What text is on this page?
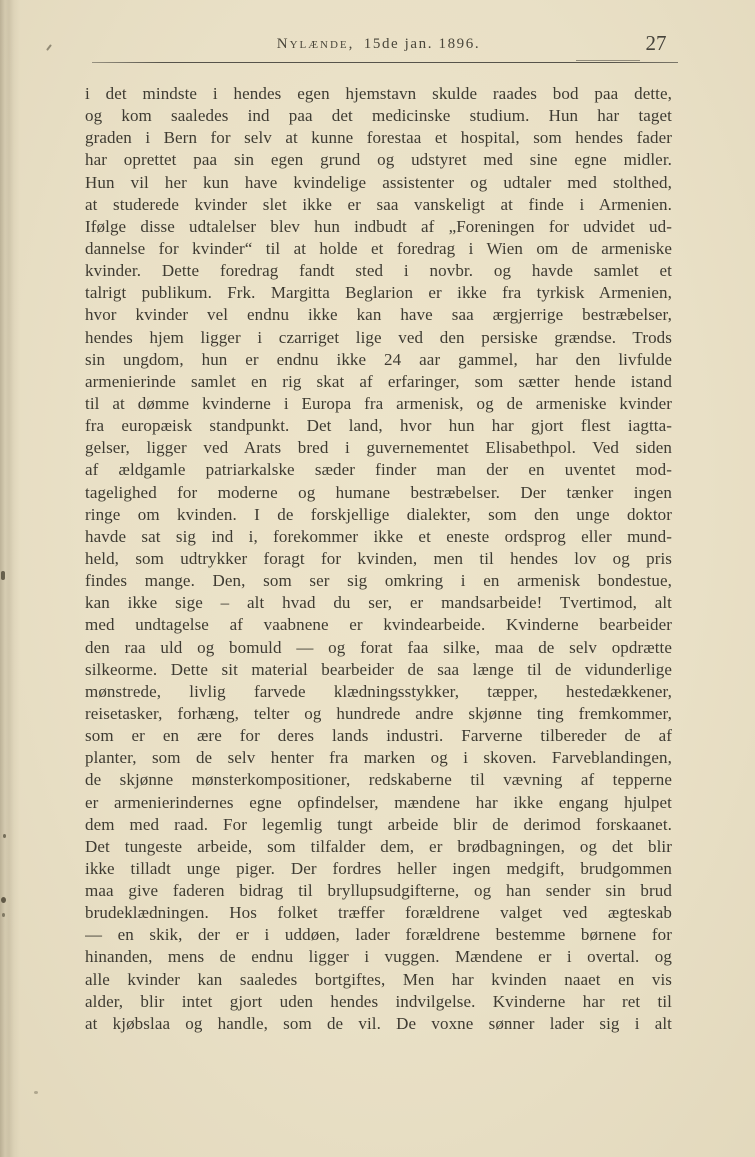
Nylænde, 15de jan. 1896.	27
i det mindste i hendes egen hjemstavn skulde raades bod paa dette,
og kom saaledes ind paa det medicinske studium. Hun har taget
graden i Bern for selv at kunne forestaa et hospital, som hendes fader
har oprettet paa sin egen grund og udstyret med sine egne midler.
Hun vil her kun have kvindelige assistenter og udtaler med stolthed,
at studerede kvinder slet ikke er saa vanskeligt at finde i Armenien.
Ifølge disse udtalelser blev hun indbudt af „Foreningen for udvidet ud-
dannelse for kvinder“ til at holde et foredrag i Wien om de armeniske
kvinder. Dette foredrag fandt sted i novbr. og havde samlet et
talrigt publikum. Frk. Margitta Beglarion er ikke fra tyrkisk Armenien,
hvor kvinder vel endnu ikke kan have saa ærgjerrige bestræbelser,
hendes hjem ligger i czarriget lige ved den persiske grændse. Trods
sin ungdom, hun er endnu ikke 24 aar gammel, har den livfulde
armenierinde samlet en rig skat af erfaringer, som sætter hende istand
til at dømme kvinderne i Europa fra armenisk, og de armeniske kvinder
fra europæisk standpunkt. Det land, hvor hun har gjort flest iagtta-
gelser, ligger ved Arats bred i guvernementet Elisabethpol. Ved siden
af ældgamle patriarkalske sæder finder man der en uventet mod-
tagelighed for moderne og humane bestræbelser. Der tænker ingen
ringe om kvinden. I de forskjellige dialekter, som den unge doktor
havde sat sig ind i, forekommer ikke et eneste ordsprog eller mund-
held, som udtrykker foragt for kvinden, men til hendes lov og pris
findes mange. Den, som ser sig omkring i en armenisk bondestue,
kan ikke sige – alt hvad du ser, er mandsarbeide! Tvertimod, alt
med undtagelse af vaabnene er kvindearbeide. Kvinderne bearbeider
den raa uld og bomuld — og forat faa silke, maa de selv opdrætte
silkeorme. Dette sit material bearbeider de saa længe til de vidunderlige
mønstrede, livlig farvede klædningsstykker, tæpper, hestedækkener,
reisetasker, forhæng, telter og hundrede andre skjønne ting fremkommer,
som er en ære for deres lands industri. Farverne tilbereder de af
planter, som de selv henter fra marken og i skoven. Farveblandingen,
de skjønne mønsterkompositioner, redskaberne til vævning af tepperne
er armenierindernes egne opfindelser, mændene har ikke engang hjulpet
dem med raad. For legemlig tungt arbeide blir de derimod forskaanet.
Det tungeste arbeide, som tilfalder dem, er brødbagningen, og det blir
ikke tilladt unge piger. Der fordres heller ingen medgift, brudgommen
maa give faderen bidrag til bryllupsudgifterne, og han sender sin brud
brudeklædningen. Hos folket træffer forældrene valget ved ægteskab
— en skik, der er i uddøen, lader forældrene bestemme børnene for
hinanden, mens de endnu ligger i vuggen. Mændene er i overtal. og
alle kvinder kan saaledes bortgiftes, Men har kvinden naaet en vis
alder, blir intet gjort uden hendes indvilgelse. Kvinderne har ret til
at kjøbslaa og handle, som de vil. De voxne sønner lader sig i alt
